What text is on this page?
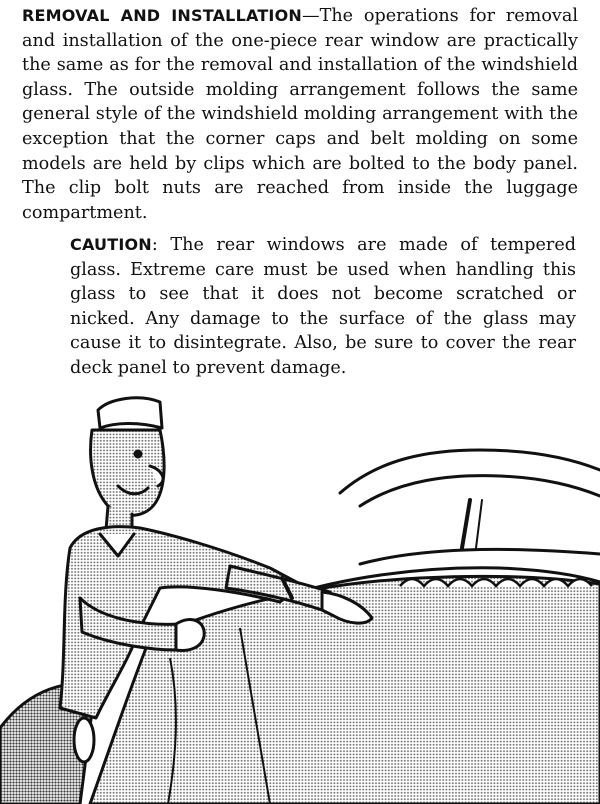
REMOVAL AND INSTALLATION—The operations for removal and installation of the one-piece rear window are practically the same as for the removal and installation of the windshield glass. The outside molding arrangement follows the same general style of the windshield molding arrangement with the exception that the corner caps and belt molding on some models are held by clips which are bolted to the body panel. The clip bolt nuts are reached from inside the luggage compartment.

CAUTION: The rear windows are made of tempered glass. Extreme care must be used when handling this glass to see that it does not become scratched or nicked. Any damage to the surface of the glass may cause it to disintegrate. Also, be sure to cover the rear deck panel to prevent damage.
